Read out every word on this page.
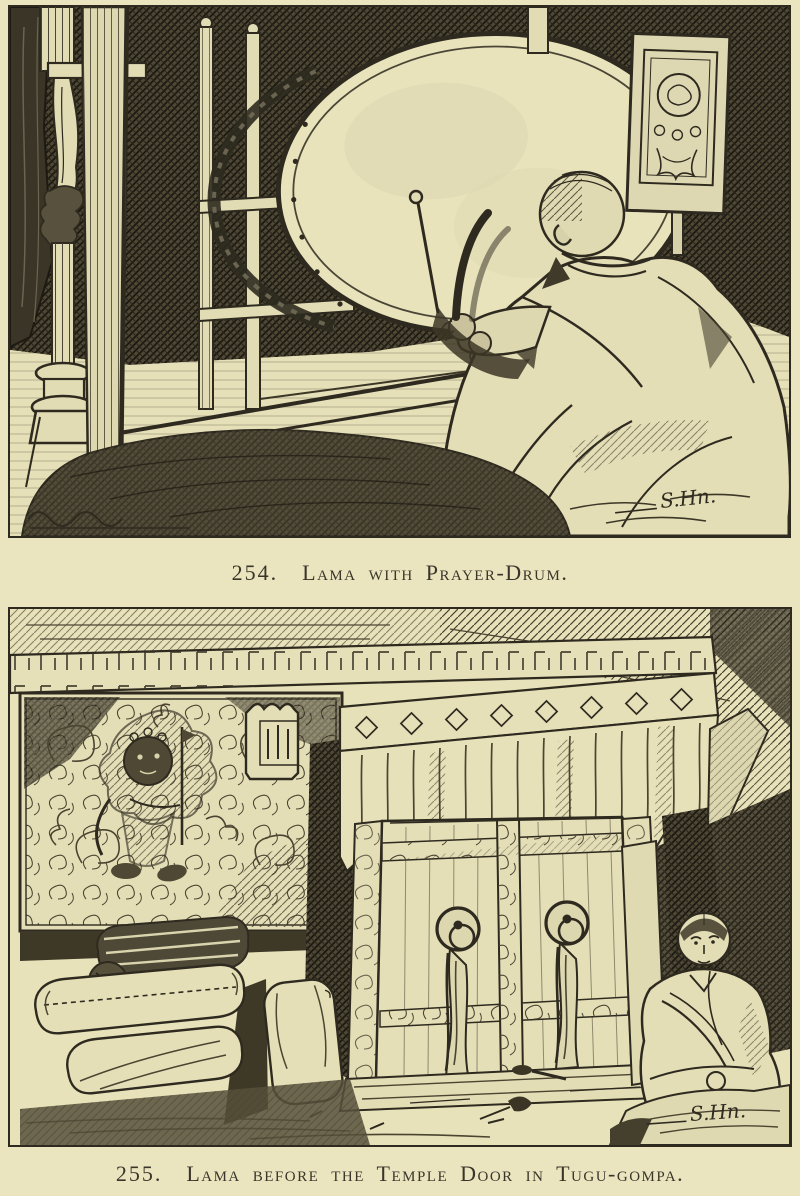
S.Hn.
254. Lama with Prayer-Drum.
S.Hn.
255. Lama before the Temple Door in Tugu-gompa.
